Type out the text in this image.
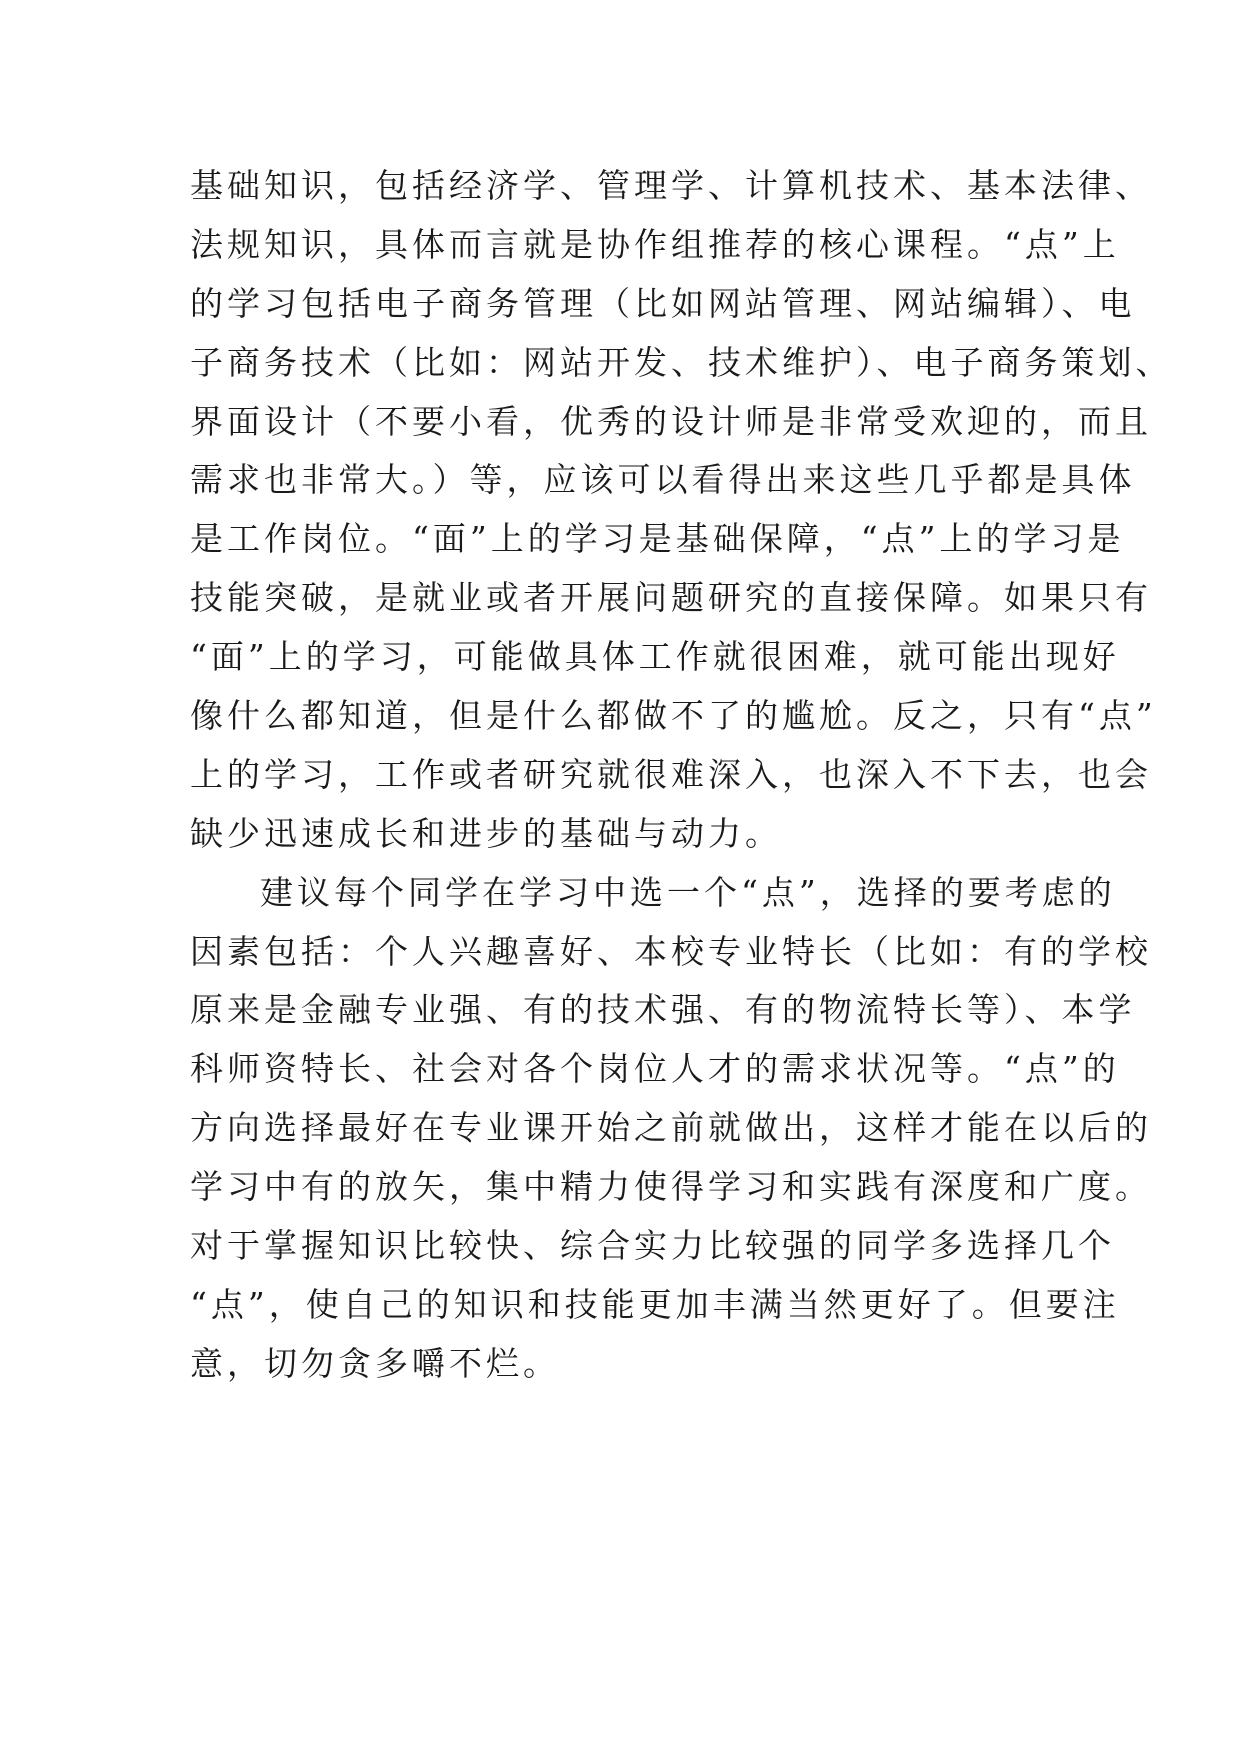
基础知识，包括经济学、管理学、计算机技术、基本法律、
法规知识，具体而言就是协作组推荐的核心课程。“点”上
的学习包括电子商务管理（比如网站管理、网站编辑）、电
子商务技术（比如：网站开发、技术维护）、电子商务策划、
界面设计（不要小看，优秀的设计师是非常受欢迎的，而且
需求也非常大。）等，应该可以看得出来这些几乎都是具体
是工作岗位。“面”上的学习是基础保障，“点”上的学习是
技能突破，是就业或者开展问题研究的直接保障。如果只有
“面”上的学习，可能做具体工作就很困难，就可能出现好
像什么都知道，但是什么都做不了的尴尬。反之，只有“点”
上的学习，工作或者研究就很难深入，也深入不下去，也会
缺少迅速成长和进步的基础与动力。
建议每个同学在学习中选一个“点”，选择的要考虑的
因素包括：个人兴趣喜好、本校专业特长（比如：有的学校
原来是金融专业强、有的技术强、有的物流特长等）、本学
科师资特长、社会对各个岗位人才的需求状况等。“点”的
方向选择最好在专业课开始之前就做出，这样才能在以后的
学习中有的放矢，集中精力使得学习和实践有深度和广度。
对于掌握知识比较快、综合实力比较强的同学多选择几个
“点”，使自己的知识和技能更加丰满当然更好了。但要注
意，切勿贪多嚼不烂。
